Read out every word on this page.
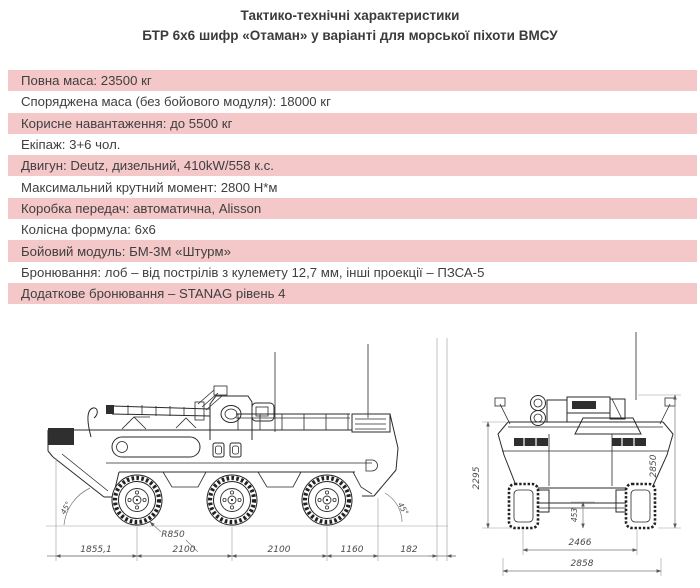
Тактико-технічні характеристики
БТР 6х6 шифр «Отаман» у варіанті для морської піхоти ВМСУ
Повна маса: 23500 кг
Споряджена маса (без бойового модуля): 18000 кг
Корисне навантаження: до 5500 кг
Екіпаж: 3+6 чол.
Двигун: Deutz, дизельний, 410kW/558 к.с.
Максимальний крутний момент: 2800 Н*м
Коробка передач: автоматична, Alisson
Колісна формула: 6х6
Бойовий модуль: БМ-3М «Штурм»
Бронювання: лоб – від пострілів з кулемету 12,7 мм, інші проекції – ПЗСА-5
Додаткове бронювання – STANAG рівень 4
45°	45°
R850
1855,1	2100	2100	1160	182
2295
2850
453
2466
2858
